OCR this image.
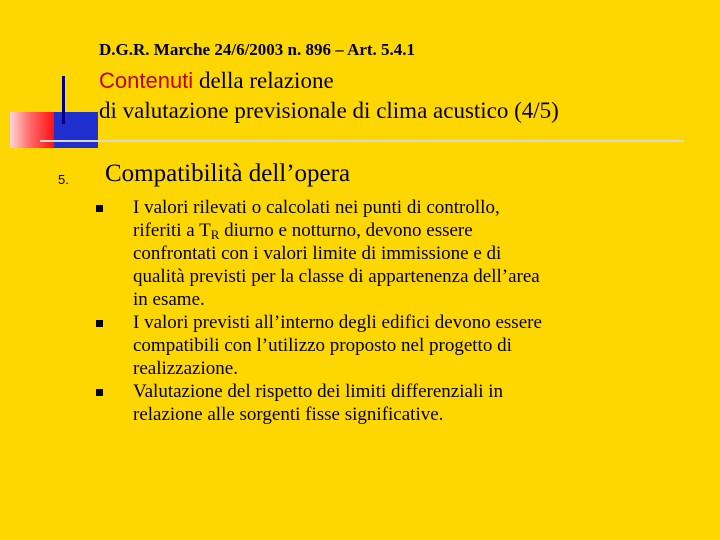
D.G.R. Marche 24/6/2003 n. 896 – Art. 5.4.1
Contenuti della relazione
di valutazione previsionale di clima acustico (4/5)
5. Compatibilità dell’opera
I valori rilevati o calcolati nei punti di controllo,
riferiti a $T_R$ diurno e notturno, devono essere
confrontati con i valori limite di immissione e di
qualità previsti per la classe di appartenenza dell’area
in esame.
I valori previsti all’interno degli edifici devono essere
compatibili con l’utilizzo proposto nel progetto di
realizzazione.
Valutazione del rispetto dei limiti differenziali in
relazione alle sorgenti fisse significative.
